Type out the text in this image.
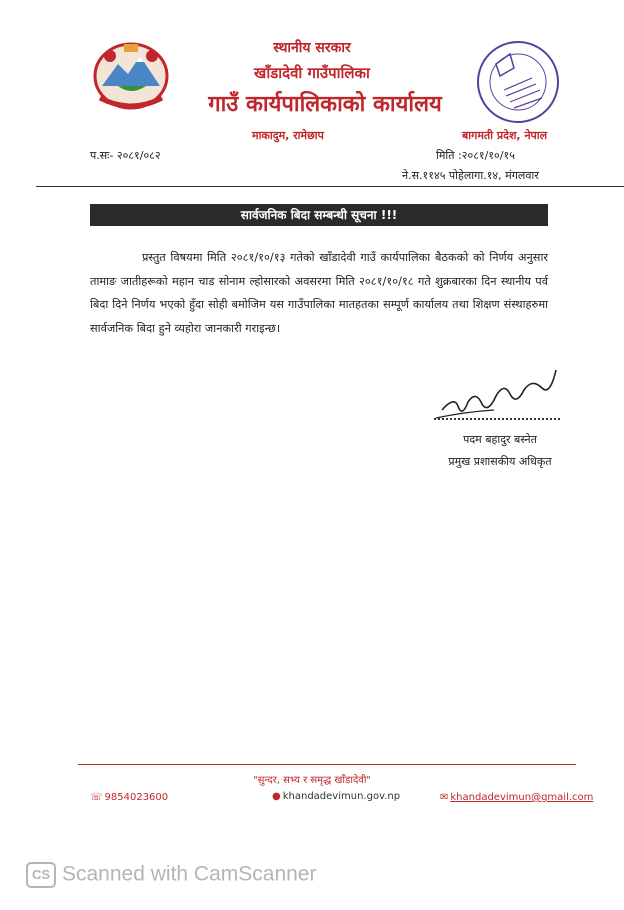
स्थानीय सरकार
खाँडादेवी गाउँपालिका
गाउँ कार्यपालिकाको कार्यालय
माकादुम, रामेछाप	बागमती प्रदेश, नेपाल
प.सः- २०८१/०८२	मिति :२०८१/१०/१५
ने.स.११४५ पोहेलागा.१४, मंगलवार
सार्वजनिक बिदा सम्बन्धी सूचना !!!
प्रस्तुत विषयमा मिति २०८१/१०/१३ गतेको खाँडादेवी गाउँ कार्यपालिका बैठकको को निर्णय अनुसार तामाङ जातीहरूको महान चाड सोनाम ल्होसारको अवसरमा मिति २०८१/१०/१८ गते शुक्रबारका दिन स्थानीय पर्व बिदा दिने निर्णय भएको हुँदा सोही बमोजिम यस गाउँपालिका मातहतका सम्पूर्ण कार्यालय तथा शिक्षण संस्थाहरुमा सार्वजनिक बिदा हुने व्यहोरा जानकारी गराइन्छ।
पदम बहादुर बस्नेत
प्रमुख प्रशासकीय अधिकृत
"सुन्दर, सभ्य र समृद्ध खाँडादेवी"
☏ 9854023600	● khandadevimun.gov.np	✉ khandadevimun@gmail.com
CS Scanned with CamScanner
